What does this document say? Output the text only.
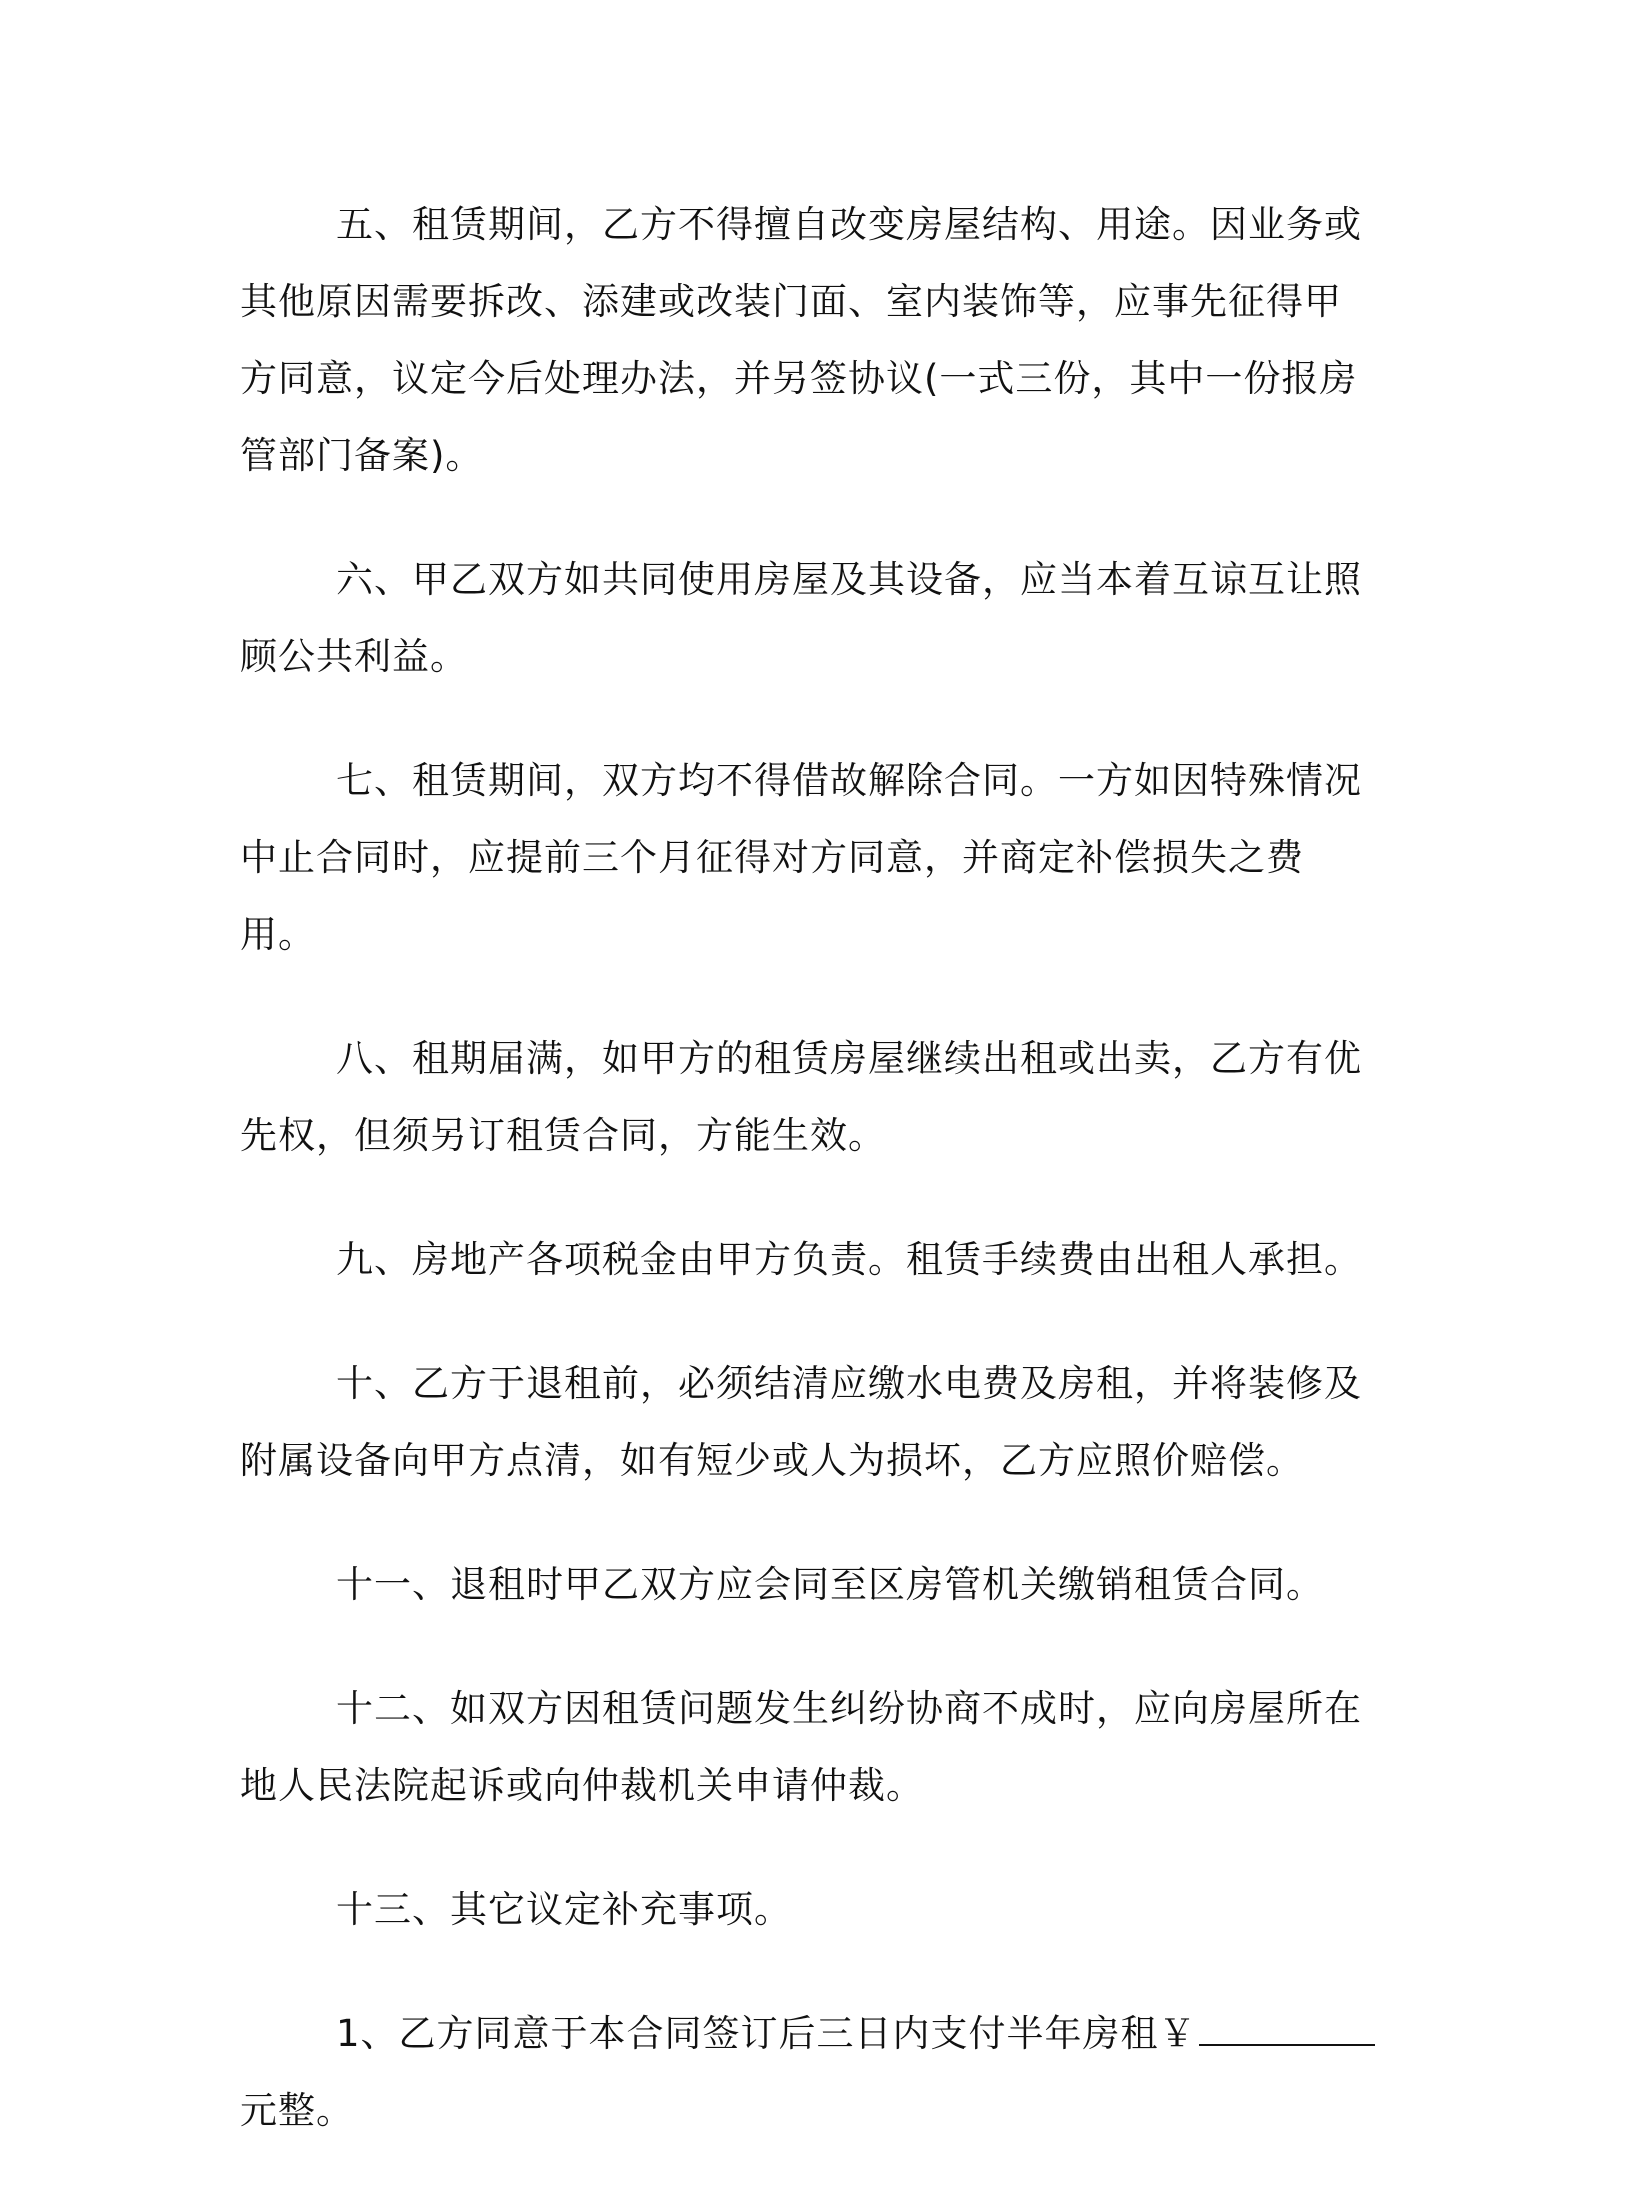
五、租赁期间，乙方不得擅自改变房屋结构、用途。因业务或其他原因需要拆改、添建或改装门面、室内装饰等，应事先征得甲方同意，议定今后处理办法，并另签协议(一式三份，其中一份报房管部门备案)。

六、甲乙双方如共同使用房屋及其设备，应当本着互谅互让照顾公共利益。

七、租赁期间，双方均不得借故解除合同。一方如因特殊情况中止合同时，应提前三个月征得对方同意，并商定补偿损失之费用。

八、租期届满，如甲方的租赁房屋继续出租或出卖，乙方有优先权，但须另订租赁合同，方能生效。

九、房地产各项税金由甲方负责。租赁手续费由出租人承担。

十、乙方于退租前，必须结清应缴水电费及房租，并将装修及附属设备向甲方点清，如有短少或人为损坏，乙方应照价赔偿。

十一、退租时甲乙双方应会同至区房管机关缴销租赁合同。

十二、如双方因租赁问题发生纠纷协商不成时，应向房屋所在地人民法院起诉或向仲裁机关申请仲裁。

十三、其它议定补充事项。

1、乙方同意于本合同签订后三日内支付半年房租￥元整。
